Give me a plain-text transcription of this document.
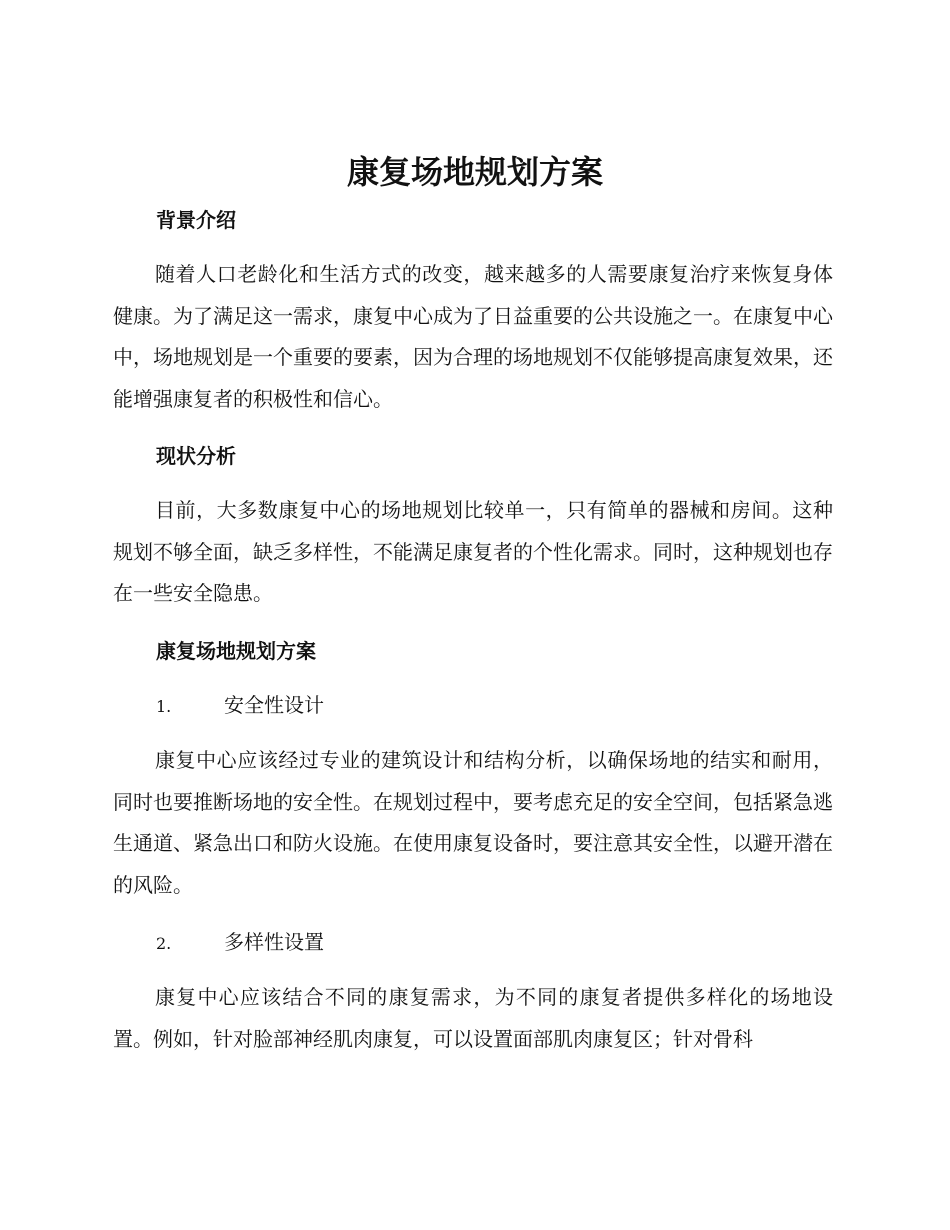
康复场地规划方案
背景介绍

随着人口老龄化和生活方式的改变，越来越多的人需要康复治疗来恢复身体健康。为了满足这一需求，康复中心成为了日益重要的公共设施之一。在康复中心中，场地规划是一个重要的要素，因为合理的场地规划不仅能够提高康复效果，还能增强康复者的积极性和信心。

现状分析

目前，大多数康复中心的场地规划比较单一，只有简单的器械和房间。这种规划不够全面，缺乏多样性，不能满足康复者的个性化需求。同时，这种规划也存在一些安全隐患。

康复场地规划方案
1.	安全性设计

康复中心应该经过专业的建筑设计和结构分析，以确保场地的结实和耐用，同时也要推断场地的安全性。在规划过程中，要考虑充足的安全空间，包括紧急逃生通道、紧急出口和防火设施。在使用康复设备时，要注意其安全性，以避开潜在的风险。

2.	多样性设置

康复中心应该结合不同的康复需求，为不同的康复者提供多样化的场地设置。例如，针对脸部神经肌肉康复，可以设置面部肌肉康复区；针对骨科
